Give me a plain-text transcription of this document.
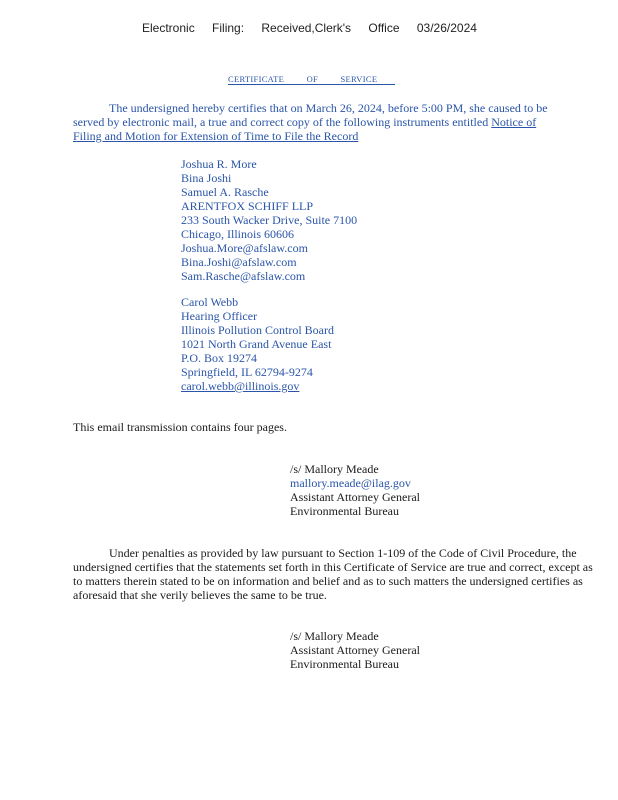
Electronic Filing: Received,Clerk's Office 03/26/2024
CERTIFICATE	OF	SERVICE
The undersigned hereby certifies that on March 26, 2024, before 5:00 PM, she caused to be served by electronic mail, a true and correct copy of the following instruments entitled Notice of Filing and Motion for Extension of Time to File the Record
Joshua R. More
Bina Joshi
Samuel A. Rasche
ARENTFOX SCHIFF LLP
233 South Wacker Drive, Suite 7100
Chicago, Illinois 60606
Joshua.More@afslaw.com
Bina.Joshi@afslaw.com
Sam.Rasche@afslaw.com
Carol Webb
Hearing Officer
Illinois Pollution Control Board
1021 North Grand Avenue East
P.O. Box 19274
Springfield, IL 62794-9274
carol.webb@illinois.gov
This email transmission contains four pages.
/s/ Mallory Meade
mallory.meade@ilag.gov
Assistant Attorney General
Environmental Bureau
Under penalties as provided by law pursuant to Section 1-109 of the Code of Civil Procedure, the undersigned certifies that the statements set forth in this Certificate of Service are true and correct, except as to matters therein stated to be on information and belief and as to such matters the undersigned certifies as aforesaid that she verily believes the same to be true.
/s/ Mallory Meade
Assistant Attorney General
Environmental Bureau
